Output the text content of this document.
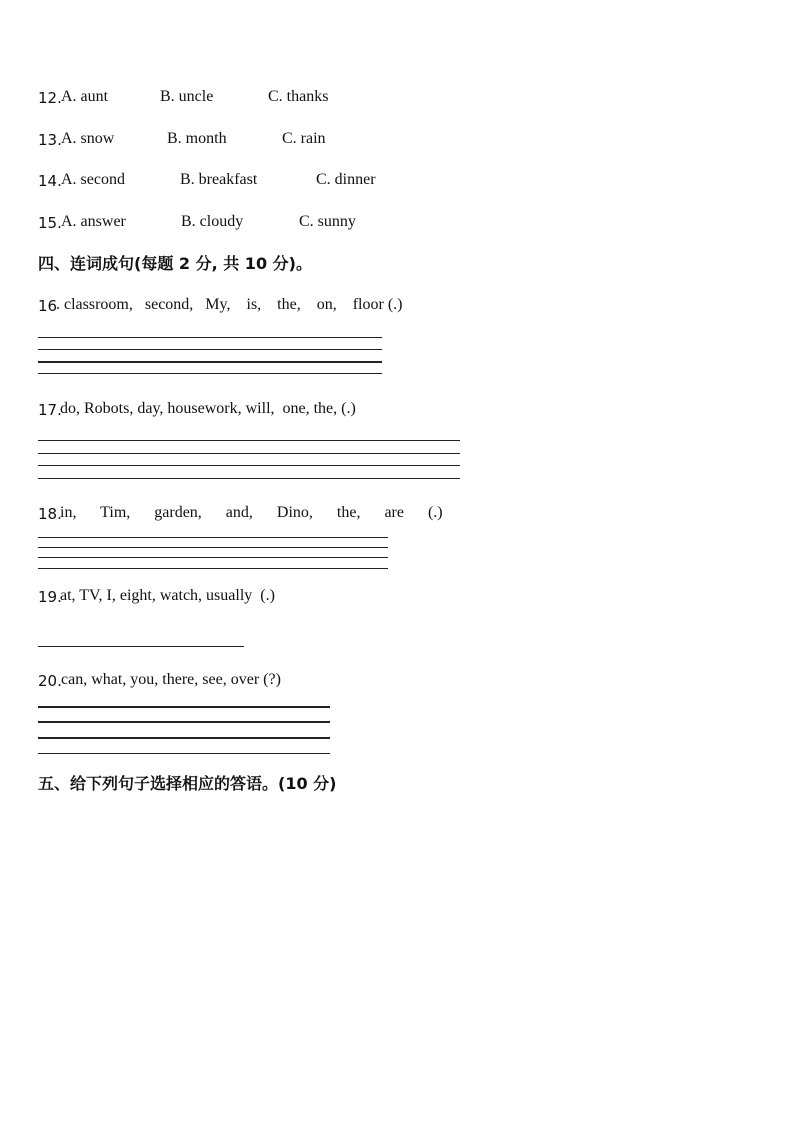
12. A. aunt	B. uncle	C. thanks
13. A. snow	B. month	C. rain
14. A. second	B. breakfast	C. dinner
15. A. answer	B. cloudy	C. sunny
四、连词成句(每题 2 分, 共 10 分)。
16
. classroom,   second,   My,    is,    the,    on,    floor (.)
17.
do, Robots, day, housework, will,  one, the, (.)
18.
in,      Tim,      garden,      and,      Dino,      the,      are      (.)
19.
at, TV, I, eight, watch, usually  (.)
20. can, what, you, there, see, over (?)
五、给下列句子选择相应的答语。(10 分)
